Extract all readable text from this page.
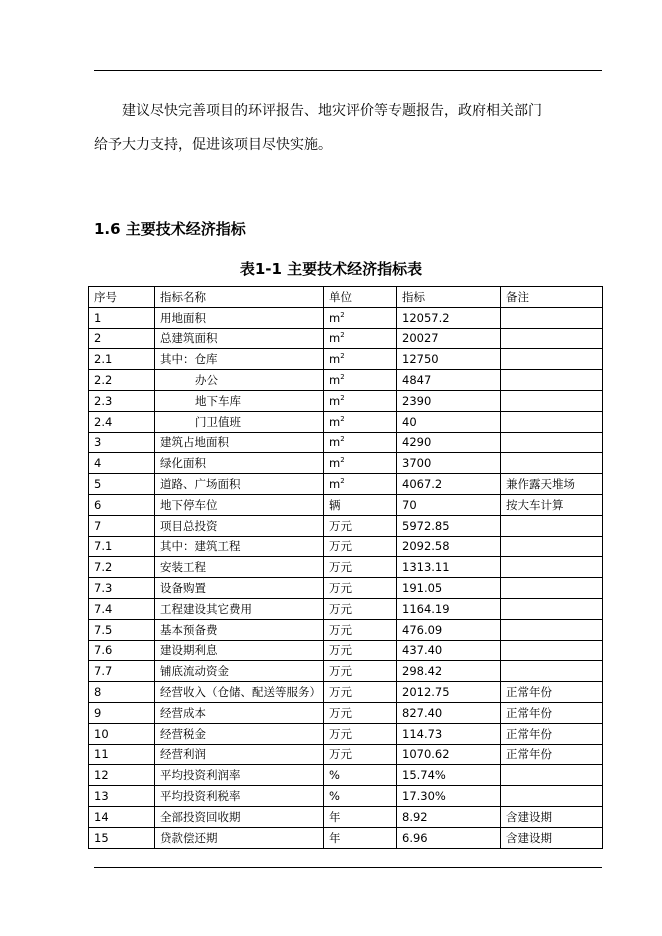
建议尽快完善项目的环评报告、地灾评价等专题报告，政府相关部门
给予大力支持，促进该项目尽快实施。
1.6 主要技术经济指标
表1-1 主要技术经济指标表
序号	指标名称	单位	指标	备注
1	用地面积	$m^2$	12057.2	
2	总建筑面积	$m^2$	20027	
2.1	其中：仓库	$m^2$	12750	
2.2	办公	$m^2$	4847	
2.3	地下车库	$m^2$	2390	
2.4	门卫值班	$m^2$	40	
3	建筑占地面积	$m^2$	4290	
4	绿化面积	$m^2$	3700	
5	道路、广场面积	$m^2$	4067.2	兼作露天堆场
6	地下停车位	辆	70	按大车计算
7	项目总投资	万元	5972.85	
7.1	其中：建筑工程	万元	2092.58	
7.2	安装工程	万元	1313.11	
7.3	设备购置	万元	191.05	
7.4	工程建设其它费用	万元	1164.19	
7.5	基本预备费	万元	476.09	
7.6	建设期利息	万元	437.40	
7.7	铺底流动资金	万元	298.42	
8	经营收入（仓储、配送等服务）	万元	2012.75	正常年份
9	经营成本	万元	827.40	正常年份
10	经营税金	万元	114.73	正常年份
11	经营利润	万元	1070.62	正常年份
12	平均投资利润率	%	15.74%	
13	平均投资利税率	%	17.30%	
14	全部投资回收期	年	8.92	含建设期
15	贷款偿还期	年	6.96	含建设期
